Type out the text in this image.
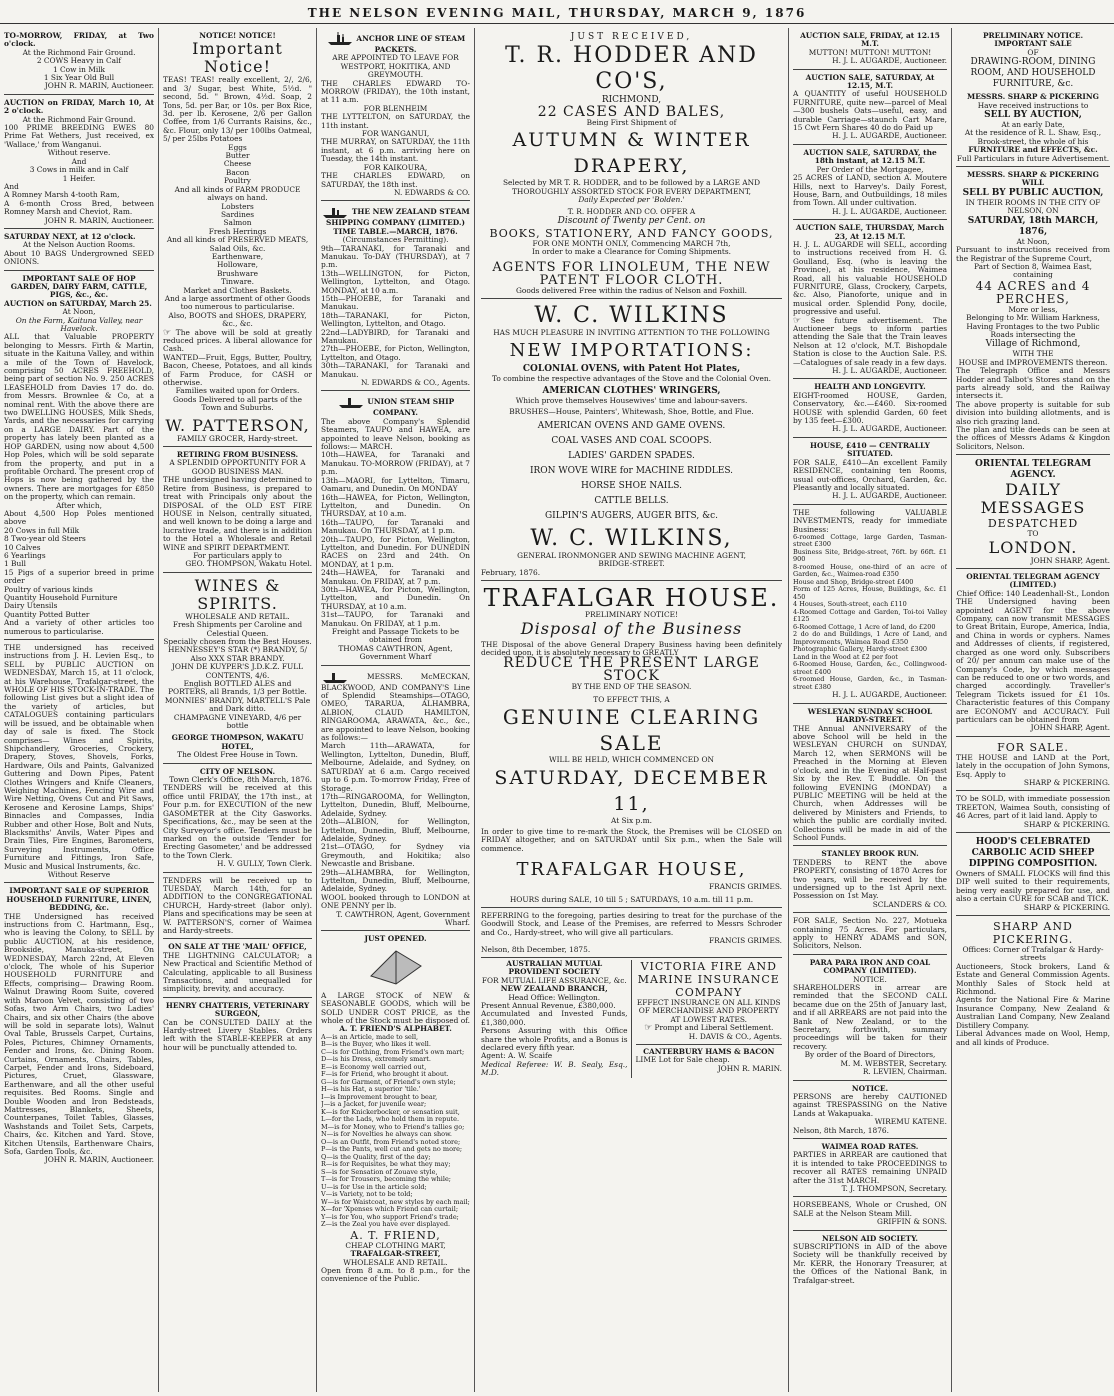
THE NELSON EVENING MAIL, THURSDAY, MARCH 9, 1876
TO-MORROW, FRIDAY, at Two o'clock.
At the Richmond Fair Ground.
2 COWS Heavy in Calf
1 Cow in Milk
1 Six Year Old Bull
JOHN R. MARIN, Auctioneer.
AUCTION on FRIDAY, March 10, At 2 o'clock.
At the Richmond Fair Ground.
100 PRIME BREEDING EWES 80 Prime Fat Wethers, Just received, ex 'Wallace,' from Wanganui.
Without reserve.
And
3 Cows in milk and in Calf
1 Heifer.
And
A Romney Marsh 4-tooth Ram,
A 6-month Cross Bred, between Romney Marsh and Cheviot, Ram.
JOHN R. MARIN, Auctioneer.
SATURDAY NEXT, at 12 o'clock.
At the Nelson Auction Rooms.
About 10 BAGS Undergrowned SEED ONIONS.
IMPORTANT SALE OF HOP GARDEN, DAIRY FARM, CATTLE, PIGS, &c., &c.
AUCTION on SATURDAY, March 25.
At Noon,
On the Farm, Kaituna Valley, near Havelock.
ALL that Valuable PROPERTY belonging to Messrs. Firth & Martin, situate in the Kaituna Valley, and within a mile of the Town of Havelock, comprising 50 ACRES FREEHOLD, being part of section No. 9. 250 ACRES LEASEHOLD from Davies 17 do. do. from Messrs. Brownlee & Co, at a nominal rent. With the above there are two DWELLING HOUSES, Milk Sheds, Yards, and the necessaries for carrying on a LARGE DAIRY. Part of the property has lately been planted as a HOP GARDEN, using now about 4,500 Hop Poles, which will be sold separate from the property, and put in a profitable Orchard. The present crop of Hops is now being gathered by the owners. There are mortgages for £850 on the property, which can remain.
After which,
About 4,500 Hop Poles mentioned above
20 Cows in full Milk
8 Two-year old Steers
10 Calves
6 Yearlings
1 Bull
15 Pigs of a superior breed in prime order
Poultry of various kinds
Quantity Household Furniture
Dairy Utensils
Quantity Potted Butter
And a variety of other articles too numerous to particularise.
THE undersigned has received instructions from J. H. Levien Esq., to SELL by PUBLIC AUCTION on WEDNESDAY, March 15, at 11 o'clock, at his Warehouse, Trafalgar-street, the WHOLE OF HIS STOCK-IN-TRADE. The following List gives but a slight idea of the variety of articles, but CATALOGUES containing particulars will be issued, and be obtainable when day of sale is fixed. The Stock comprises— Wines and Spirits, Shipchandlery, Groceries, Crockery, Drapery, Stoves, Shovels, Forks, Hardware, Oils and Paints, Galvanized Guttering and Down Pipes, Patent Clothes Wringers and Knife Cleaners, Weighing Machines, Fencing Wire and Wire Netting, Ovens Cut and Pit Saws, Kerosene and Kerosine Lamps, Ships' Binnacles and Compasses, India Rubber and other Hose, Bolt and Nuts, Blacksmiths' Anvils, Water Pipes and Drain Tiles, Fire Engines, Barometers, Surveying Instruments, Office Furniture and Fittings, Iron Safe, Music and Musical Instruments, &c.
Without Reserve
IMPORTANT SALE OF SUPERIOR HOUSEHOLD FURNITURE, LINEN, BEDDING, &c.
THE Undersigned has received instructions from C. Hartmann, Esq., who is leaving the Colony, to SELL by public AUCTION, at his residence, Brookside, Manuka-street, On WEDNESDAY, March 22nd, At Eleven o'clock, The whole of his Superior HOUSEHOLD FURNITURE and Effects, comprising— Drawing Room. Walnut Drawing Room Suite, covered with Maroon Velvet, consisting of two Sofas, two Arm Chairs, two Ladies' Chairs, and six other Chairs (the above will be sold in separate lots), Walnut Oval Table, Brussels Carpet, Curtains, Poles, Pictures, Chimney Ornaments, Fender and Irons, &c. Dining Room. Curtains, Ornaments, Chairs, Tables, Carpet, Fender and Irons, Sideboard, Pictures, Cruet, Glassware, Earthenware, and all the other useful requisites. Bed Rooms. Single and Double Wooden and Iron Bedsteads, Mattresses, Blankets, Sheets, Counterpanes, Toilet Tables, Glasses, Washstands and Toilet Sets, Carpets, Chairs, &c. Kitchen and Yard. Stove, Kitchen Utensils, Earthenware Chairs, Sofa, Garden Tools, &c.
JOHN R. MARIN, Auctioneer.
NOTICE! NOTICE!
Important Notice!
TEAS! TEAS! really excellent, 2/, 2/6, and 3/ Sugar, best White, 5½d. " second, 5d. " Brown, 4½d. Soap, 2 Tons, 5d. per Bar, or 10s. per Box Rice, 3d. per lb. Kerosene, 2/6 per Gallon Coffee, from 1/6 Currants Raisins, &c., &c. Flour, only 13/ per 100lbs Oatmeal, 5/ per 25lbs Potatoes
Eggs
Butter
Cheese
Bacon
Poultry
And all kinds of FARM PRODUCE always on hand.
Lobsters
Sardines
Salmon
Fresh Herrings
And all kinds of PRESERVED MEATS, Salad Oils, &c.
Earthenware,
Holloware,
Brushware
Tinware.
Market and Clothes Baskets.
And a large assortment of other Goods too numerous to particularise.
Also, BOOTS and SHOES, DRAPERY, &c., &c.
☞ The above will be sold at greatly reduced prices. A liberal allowance for Cash.
WANTED—Fruit, Eggs, Butter, Poultry, Bacon, Cheese, Potatoes, and all kinds of Farm Produce, for CASH or otherwise.
Families waited upon for Orders.
Goods Delivered to all parts of the Town and Suburbs.
W. PATTERSON,
FAMILY GROCER, Hardy-street.
RETIRING FROM BUSINESS.
A SPLENDID OPPORTUNITY FOR A GOOD BUSINESS MAN.
THE undersigned having determined to Retire from Business, is prepared to treat with Principals only about the DISPOSAL of the OLD EST FIRE HOUSE in Nelson, centrally situated, and well known to be doing a large and lucrative trade, and there is in addition to the Hotel a Wholesale and Retail WINE and SPIRIT DEPARTMENT.
For particulars apply to
GEO. THOMPSON, Wakatu Hotel.
WINES & SPIRITS.
WHOLESALE AND RETAIL.
Fresh Shipments per Caroline and Celestial Queen.
Specially chosen from the Best Houses.
HENNESSEY'S STAR (*) BRANDY, 5/ Also XXX STAR BRANDY.
JOHN DE KUYPER'S J.D.K.Z. FULL CONTENTS, 4/6.
English BOTTLED ALES and PORTERS, all Brands, 1/3 per Bottle.
MONNIES' BRANDY, MARTELL'S Pale and Dark ditto.
CHAMPAGNE VINEYARD, 4/6 per bottle
GEORGE THOMPSON, WAKATU HOTEL,
The Oldest Free House in Town.
CITY OF NELSON.
Town Clerk's Office, 8th March, 1876.
TENDERS will be received at this office until FRIDAY, the 17th inst., at Four p.m. for EXECUTION of the new GASOMETER at the City Gasworks. Specifications, &c., may be seen at the City Surveyor's office. Tenders must be marked on the outside 'Tender for Erecting Gasometer,' and be addressed to the Town Clerk.
H. V. GULLY, Town Clerk.
TENDERS will be received up to TUESDAY, March 14th, for an ADDITION to the CONGREGATIONAL CHURCH, Hardy-street (labor only). Plans and specifications may be seen at W. PATTERSON'S, corner of Waimea and Hardy-streets.
ON SALE AT THE 'MAIL' OFFICE,
THE LIGHTNING CALCULATOR; a New Practical and Scientific Method of Calculating, applicable to all Business Transactions, and unequalled for simplicity, brevity, and accuracy.
HENRY CHATTERIS, VETERINARY SURGEON,
Can be CONSULTED DAILY at the Hardy-street Livery Stables. Orders left with the STABLE-KEEPER at any hour will be punctually attended to.
ANCHOR LINE OF STEAM PACKETS.
ARE APPOINTED TO LEAVE FOR WESTPORT, HOKITIKA, AND GREYMOUTH.
THE CHARLES EDWARD TO-MORROW (FRIDAY), the 10th instant, at 11 a.m.
FOR BLENHEIM
THE LYTTELTON, on SATURDAY, the 11th instant.
FOR WANGANUI,
THE MURRAY, on SATURDAY, the 11th instant, at 6 p.m. arriving here on Tuesday, the 14th instant.
FOR KAIKOURA,
THE CHARLES EDWARD, on SATURDAY, the 18th inst.
N. EDWARDS & CO.
THE NEW ZEALAND STEAM SHIPPING COMPANY (LIMITED.)
TIME TABLE.—MARCH, 1876.
(Circumstances Permitting).
9th—TARANAKI, for Taranaki and Manukau. To-DAY (THURSDAY), at 7 p.m.
13th—WELLINGTON, for Picton, Wellington, Lyttelton, and Otago. MONDAY, at 10 a.m.
15th—PHOEBE, for Taranaki and Manukau.
18th—TARANAKI, for Picton, Wellington, Lyttelton, and Otago.
22nd—LADYBIRD, for Taranaki and Manukau.
27th—PHOEBE, for Picton, Wellington, Lyttelton, and Otago.
30th—TARANAKI, for Taranaki and Manukau.
N. EDWARDS & CO., Agents.
UNION STEAM SHIP COMPANY.
The above Company's Splendid Steamers, TAUPO and HAWEA, are appointed to leave Nelson, booking as follows:— MARCH.
10th—HAWEA, for Taranaki and Manukau. TO-MORROW (FRIDAY), at 7 p.m.
13th—MAORI, for Lyttelton, Timaru, Oamaru, and Dunedin. On MONDAY
16th—HAWEA, for Picton, Wellington, Lyttelton, and Dunedin. On THURSDAY, at 10 a.m.
16th—TAUPO, for Taranaki and Manukau. On THURSDAY, at 1 p.m.
20th—TAUPO, for Picton, Wellington, Lyttelton, and Dunedin. For DUNEDIN RACES on 23rd and 24th. On MONDAY, at 1 p.m.
24th—HAWEA, for Taranaki and Manukau. On FRIDAY, at 7 p.m.
30th—HAWEA, for Picton, Wellington, Lyttelton, and Dunedin. On THURSDAY, at 10 a.m.
31st—TAUPO, for Taranaki and Manukau. On FRIDAY, at 1 p.m.
Freight and Passage Tickets to be obtained from
THOMAS CAWTHRON, Agent, Government Wharf
MESSRS. McMECKAN, BLACKWOOD, AND COMPANY'S Line of Splendid Steamships—OTAGO, OMEO, TARARUA, ALHAMBRA, ALBION, CLAUD HAMILTON, RINGAROOMA, ARAWATA, &c., &c., are appointed to leave Nelson, booking as follows:—
March 11th—ARAWATA, for Wellington, Lyttelton, Dunedin, Bluff, Melbourne, Adelaide, and Sydney, on SATURDAY at 6 a.m. Cargo received up to 6 p.m. To-morrow Friday, Free of Storage.
17th—RINGAROOMA, for Wellington, Lyttelton, Dunedin, Bluff, Melbourne, Adelaide, Sydney.
20th—ALBION, for Wellington, Lyttelton, Dunedin, Bluff, Melbourne, Adelaide, Sydney.
21st—OTAGO, for Sydney via Greymouth, and Hokitika; also Newcastle and Brisbane.
29th—ALHAMBRA, for Wellington, Lyttelton, Dunedin, Bluff, Melbourne, Adelaide, Sydney.
WOOL booked through to LONDON at ONE PENNY per lb.
T. CAWTHRON, Agent, Government Wharf.
JUST OPENED.
A LARGE STOCK of NEW & SEASONABLE GOODS, which will be SOLD UNDER COST PRICE, as the whole of the Stock must be disposed of.
A. T. FRIEND'S ALPHABET.
A—is an Article, made to sell,
B—is the Buyer, who likes it well.
C—is for Clothing, from Friend's own mart;
D—is his Dress, extremely smart.
E—is Economy well carried out,
F—is for Friend, who brought it about.
G—is for Garment, of Friend's own style;
H—is his Hat, a superior 'tile.'
I—is Improvement brought to bear,
J—is a Jacket, for juvenile wear;
K—is for Knickerbocker, or sensation suit,
L—for the Lads, who hold them in repute.
M—is for Money, who to Friend's tallies go;
N—is for Novelties he always can show.
O—is an Outfit, from Friend's noted store;
P—is the Pants, well cut and gets no more;
Q—is the Quality, first of the day;
R—is for Requisites, be what they may;
S—is for Sensation of Zouave style,
T—is for Trousers, becoming the while;
U—is for Use in the article sold;
V—is Variety, not to be told;
W—is for Waistcoat, new styles by each mail;
X—for 'Xpenses which Friend can curtail;
Y—is for You, who support Friend's trade;
Z—is the Zeal you have ever displayed.
A. T. FRIEND,
CHEAP CLOTHING MART,
TRAFALGAR-STREET,
WHOLESALE AND RETAIL.
Open from 8 a.m. to 8 p.m., for the convenience of the Public.
JUST RECEIVED,
T. R. HODDER AND CO'S,
RICHMOND,
22 CASES AND BALES,
Being First Shipment of
AUTUMN & WINTER DRAPERY,
Selected by MR T. R. HODDER, and to be followed by a LARGE AND THOROUGHLY ASSORTED STOCK FOR EVERY DEPARTMENT,
Daily Expected per 'Bolden.'
T. R. HODDER AND CO. OFFER A
Discount of Twenty per Cent. on
BOOKS, STATIONERY, AND FANCY GOODS,
FOR ONE MONTH ONLY, Commencing MARCH 7th,
In order to make a Clearance for Coming Shipments.
AGENTS FOR LINOLEUM, THE NEW PATENT FLOOR CLOTH.
Goods delivered Free within the radius of Nelson and Foxhill.
W. C. WILKINS
HAS MUCH PLEASURE IN INVITING ATTENTION TO THE FOLLOWING
NEW IMPORTATIONS:
COLONIAL OVENS, with Patent Hot Plates,
To combine the respective advantages of the Stove and the Colonial Oven.
AMERICAN CLOTHES' WRINGERS,
Which prove themselves Housewives' time and labour-savers.
BRUSHES—House, Painters', Whitewash, Shoe, Bottle, and Flue.
AMERICAN OVENS AND GAME OVENS.
COAL VASES AND COAL SCOOPS.
LADIES' GARDEN SPADES.
IRON WOVE WIRE for MACHINE RIDDLES.
HORSE SHOE NAILS.
CATTLE BELLS.
GILPIN'S AUGERS, AUGER BITS, &c.
W. C. WILKINS,
GENERAL IRONMONGER AND SEWING MACHINE AGENT,
BRIDGE-STREET.
February, 1876.
TRAFALGAR HOUSE.
PRELIMINARY NOTICE!
Disposal of the Business
THE Disposal of the above General Drapery Business having been definitely decided upon, it is absolutely necessary to GREATLY
REDUCE THE PRESENT LARGE STOCK
BY THE END OF THE SEASON.
TO EFFECT THIS, A
GENUINE CLEARING SALE
WILL BE HELD, WHICH COMMENCED ON
SATURDAY, DECEMBER 11,
At Six p.m.
In order to give time to re-mark the Stock, the Premises will be CLOSED on FRIDAY altogether, and on SATURDAY until Six p.m., when the Sale will commence.
TRAFALGAR HOUSE,
FRANCIS GRIMES.
HOURS during SALE, 10 till 5 ; SATURDAYS, 10 a.m. till 11 p.m.
REFERRING to the foregoing, parties desiring to treat for the purchase of the Goodwill Stock, and Lease of the Premises, are referred to Messrs Schroder and Co., Hardy-street, who will give all particulars.
FRANCIS GRIMES.
Nelson, 8th December, 1875.
AUSTRALIAN MUTUAL PROVIDENT SOCIETY
FOR MUTUAL LIFE ASSURANCE, &c.
NEW ZEALAND BRANCH,
Head Office: Wellington.
Present Annual Revenue, £380,000.
Accumulated and Invested Funds, £1,380,000.
Persons Assuring with this Office share the whole Profits, and a Bonus is declared every fifth year.
Agent: A. W. Scaife
Medical Referee: W. B. Sealy, Esq., M.D.
VICTORIA FIRE AND MARINE INSURANCE COMPANY
EFFECT INSURANCE ON ALL KINDS OF MERCHANDISE AND PROPERTY AT LOWEST RATES.
☞ Prompt and Liberal Settlement.
H. DAVIS & CO., Agents.
CANTERBURY HAMS & BACON
LIME Lot for Sale cheap.
JOHN R. MARIN.
AUCTION SALE, FRIDAY, at 12.15 M.T.
MUTTON! MUTTON! MUTTON!
H. J. L. AUGARDE, Auctioneer.
AUCTION SALE, SATURDAY, At 12.15, M.T.
A QUANTITY of useful HOUSEHOLD FURNITURE, quite new—parcel of Meal—300 bushels Oats—useful, easy, and durable Carriage—staunch Cart Mare, 15 Cwt Fern Shares 40 do do Paid up
H. J. L. AUGARDE, Auctioneer.
AUCTION SALE, SATURDAY, the 18th instant, at 12.15 M.T.
Per Order of the Mortgagee,
25 ACRES of LAND, section A. Moutere Hills, next to Harvey's. Daily Forest, House, Barn, and Outbuildings, 18 miles from Town. All under cultivation.
H. J. L. AUGARDE, Auctioneer.
AUCTION SALE, THURSDAY, March 23, At 12.15 M.T.
H. J. L. AUGARDE will SELL, according to instructions received from H. G. Goulland, Esq. (who is leaving the Province), at his residence, Waimea Road, all his valuable HOUSEHOLD FURNITURE, Glass, Crockery, Carpets, &c. Also, Pianoforte, unique and in musical order. Splendid Pony, docile, progressive and useful.
☞ See future advertisement. The Auctioneer begs to inform parties attending the Sale that the Train leaves Nelson at 12 o'clock, M.T. Bishopdale Station is close to the Auction Sale. P.S.—Catalogues of sale ready in a few days.
H. J. L. AUGARDE, Auctioneer.
HEALTH AND LONGEVITY.
EIGHT-roomed HOUSE, Garden, Conservatory, &c.—£460. Six-roomed HOUSE with splendid Garden, 60 feet by 135 feet—£300.
H. J. L. AUGARDE, Auctioneer.
HOUSE, £410 — CENTRALLY SITUATED.
FOR SALE, £410—An excellent Family RESIDENCE, containing ten Rooms, usual out-offices, Orchard, Garden, &c. Pleasantly and locally situated.
H. J. L. AUGARDE, Auctioneer.
THE following VALUABLE INVESTMENTS, ready for immediate Business:
6-roomed Cottage, large Garden, Tasman-street £300
Business Site, Bridge-street, 76ft. by 66ft. £1 900
8-roomed House, one-third of an acre of Garden, &c., Waimea-road £350
House and Shop, Bridge-street £400
Form of 125 Acres, House, Buildings, &c. £1 450
4 Houses, South-street, each £110
4-Roomed Cottage and Garden, Toi-toi Valley £125
6-Roomed Cottage, 1 Acre of land, do £200
2 do do and Buildings, 1 Acre of Land, and Improvements, Waimea Road £350
Photographic Gallery, Hardy-street £300
Land in the Wood at £2 per foot
6-Roomed House, Garden, &c., Collingwood-street £400
6-roomed House, Garden, &c., in Tasman-street £380
H. J. L. AUGARDE, Auctioneer.
WESLEYAN SUNDAY SCHOOL HARDY-STREET.
THE Annual ANNIVERSARY of the above School will be held in the WESLEYAN CHURCH on SUNDAY, March 12, when SERMONS will be Preached in the Morning at Eleven o'clock, and in the Evening at Half-past Six by the Rev. T. Buddle. On the following EVENING (MONDAY) a PUBLIC MEETING will be held at the Church, when Addresses will be delivered by Ministers and Friends, to which the public are cordially invited. Collections will be made in aid of the School Funds.
STANLEY BROOK RUN.
TENDERS to RENT the above PROPERTY, consisting of 1870 Acres for two years, will be received by the undersigned up to the 1st April next. Possession on 1st May.
SCLANDERS & CO.
FOR SALE, Section No. 227, Motueka containing 75 Acres. For particulars, apply to HENRY ADAMS and SON, Solicitors, Nelson.
PARA PARA IRON AND COAL COMPANY (LIMITED).
NOTICE.
SHAREHOLDERS in arrear are reminded that the SECOND CALL became due on the 25th of January last, and if all ARREARS are not paid into the Bank of New Zealand, or to the Secretary, forthwith, summary proceedings will be taken for their recovery.
By order of the Board of Directors,
M. M. WEBSTER, Secretary.
R. LEVIEN, Chairman.
NOTICE.
PERSONS are hereby CAUTIONED against TRESPASSING on the Native Lands at Wakapuaka.
WIREMU KATENE.
Nelson, 8th March, 1876.
WAIMEA ROAD RATES.
PARTIES in ARREAR are cautioned that it is intended to take PROCEEDINGS to recover all RATES remaining UNPAID after the 31st MARCH.
T. J. THOMPSON, Secretary.
HORSEBEANS, Whole or Crushed, ON SALE at the Nelson Steam Mill.
GRIFFIN & SONS.
NELSON AID SOCIETY.
SUBSCRIPTIONS in AID of the above Society will be thankfully received by Mr. KERR, the Honorary Treasurer, at the Offices of the National Bank, in Trafalgar-street.
PRELIMINARY NOTICE.
IMPORTANT SALE
OF
DRAWING-ROOM, DINING ROOM, AND HOUSEHOLD FURNITURE, &c.
MESSRS. SHARP & PICKERING
Have received instructions to
SELL BY AUCTION,
At an early Date,
At the residence of R. L. Shaw, Esq.,
Brook-street, the whole of his
FURNITURE and EFFECTS, &c.
Full Particulars in future Advertisement.
MESSRS. SHARP & PICKERING WILL
SELL BY PUBLIC AUCTION,
IN THEIR ROOMS IN THE CITY OF NELSON, ON
SATURDAY, 18th MARCH, 1876,
At Noon,
Pursuant to instructions received from the Registrar of the Supreme Court,
Part of Section 8, Waimea East, containing
44 ACRES and 4 PERCHES,
More or less,
Belonging to Mr. William Harkness,
Having Frontages to the two Public Roads intersecting the
Village of Richmond,
WITH THE
HOUSE and IMPROVEMENTS thereon.
The Telegraph Office and Messrs Hodder and Talbot's Stores stand on the parts already sold, and the Railway intersects it.
The above property is suitable for sub division into building allotments, and is also rich grazing land.
The plan and title deeds can be seen at the offices of Messrs Adams & Kingdon Solicitors, Nelson.
ORIENTAL TELEGRAM AGENCY.
DAILY MESSAGES
DESPATCHED
TO
LONDON.
JOHN SHARP, Agent.
ORIENTAL TELEGRAM AGENCY (LIMITED.)
Chief Office: 140 Leadenhall-St., London
THE Undersigned having been appointed AGENT for the above Company, can now transmit MESSAGES to Great Britain, Europe, America, India, and China in words or cyphers. Names and Addresses of clients, if registered, charged as one word only. Subscribers of 20/ per annum can make use of the Company's Code, by which messages can be reduced to one or two words, and charged accordingly. Traveller's Telegram Tickets issued for £1 10s. Characteristic features of this Company are ECONOMY and ACCURACY. Full particulars can be obtained from
JOHN SHARP, Agent.
FOR SALE.
THE HOUSE and LAND at the Port, lately in the occupation of John Symons, Esq. Apply to
SHARP & PICKERING.
TO be SOLD, with immediate possession TREETON, Waimea South, consisting of 46 Acres, part of it laid land. Apply to
SHARP & PICKERING.
HOOD'S CELEBRATED CARBOLIC ACID SHEEP DIPPING COMPOSITION.
Owners of SMALL FLOCKS will find this DIP well suited to their requirements, being very easily prepared for use, and also a certain CURE for SCAB and TICK.
SHARP & PICKERING.
SHARP AND PICKERING.
Offices: Corner of Trafalgar & Hardy-streets
Auctioneers, Stock brokers, Land & Estate and General Commission Agents. Monthly Sales of Stock held at Richmond.
Agents for the National Fire & Marine Insurance Company, New Zealand & Australian Land Company, New Zealand Distillery Company.
Liberal Advances made on Wool, Hemp, and all kinds of Produce.
